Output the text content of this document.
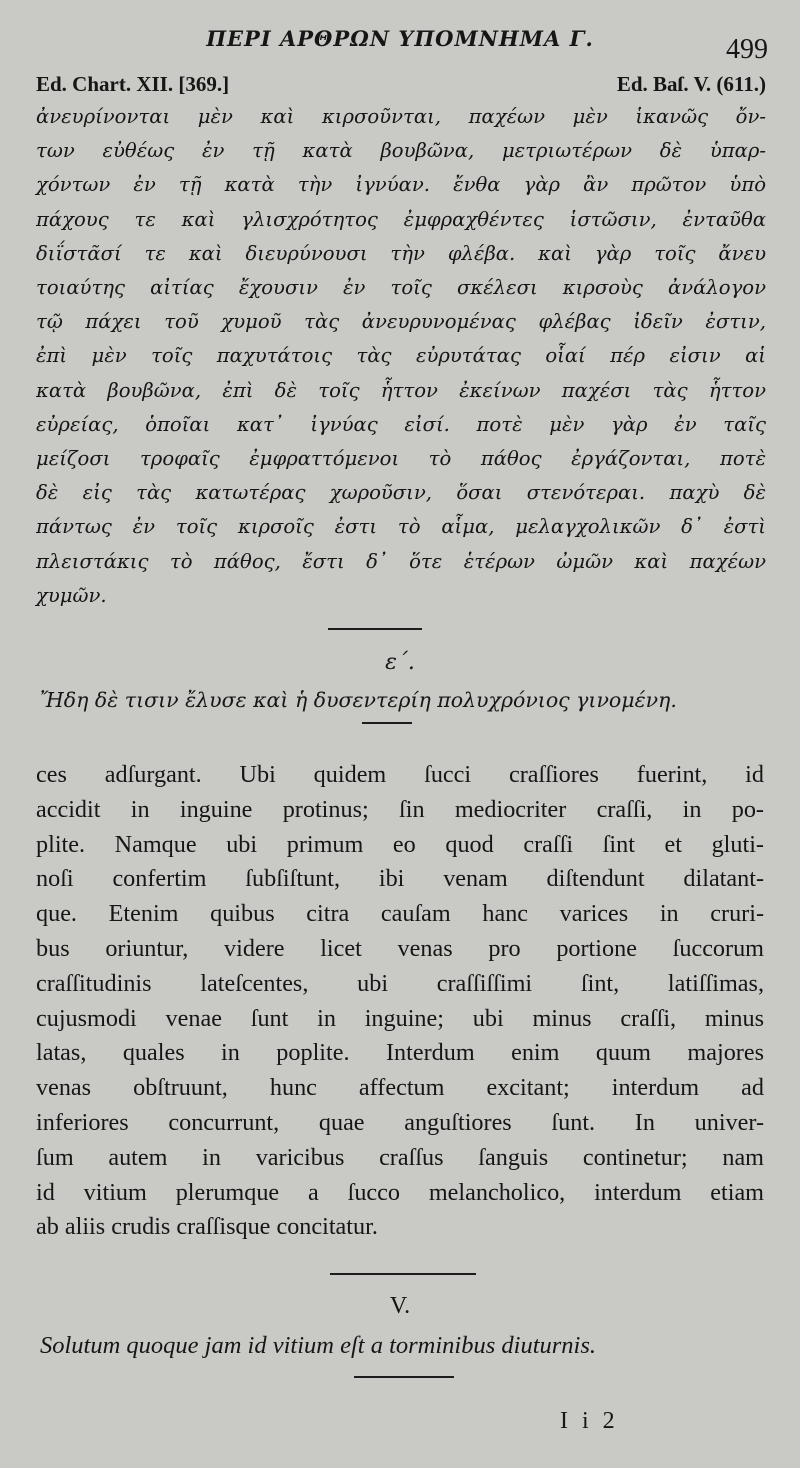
ΠΕΡΙ ΑΡΘΡΩΝ ΥΠΟΜΝΗΜΑ Γ.	499
Ed. Chart. XII. [369.]	Ed. Baſ. V. (611.)
ἀνευρίνονται μὲν καὶ κιρσοῦνται, παχέων μὲν ἱκανῶς ὄν-
των εὐθέως ἐν τῇ κατὰ βουβῶνα, μετριωτέρων δὲ ὑπαρ-
χόντων ἐν τῇ κατὰ τὴν ἰγνύαν. ἔνθα γὰρ ἂν πρῶτον ὑπὸ
πάχους τε καὶ γλισχρότητος ἐμφραχθέντες ἱστῶσιν, ἐνταῦθα
διΐστᾶσί τε καὶ διευρύνουσι τὴν φλέβα. καὶ γὰρ τοῖς ἄνευ
τοιαύτης αἰτίας ἔχουσιν ἐν τοῖς σκέλεσι κιρσοὺς ἀνάλογον
τῷ πάχει τοῦ χυμοῦ τὰς ἀνευρυνομένας φλέβας ἰδεῖν ἐστιν,
ἐπὶ μὲν τοῖς παχυτάτοις τὰς εὐρυτάτας οἷαί πέρ εἰσιν αἱ
κατὰ βουβῶνα, ἐπὶ δὲ τοῖς ἧττον ἐκείνων παχέσι τὰς ἧττον
εὐρείας, ὁποῖαι κατ᾽ ἰγνύας εἰσί. ποτὲ μὲν γὰρ ἐν ταῖς
μείζοσι τροφαῖς ἐμφραττόμενοι τὸ πάθος ἐργάζονται, ποτὲ
δὲ εἰς τὰς κατωτέρας χωροῦσιν, ὅσαι στενότεραι. παχὺ δὲ
πάντως ἐν τοῖς κιρσοῖς ἐστι τὸ αἷμα, μελαγχολικῶν δ᾽ ἐστὶ
πλειστάκις τὸ πάθος, ἔστι δ᾽ ὅτε ἑτέρων ὠμῶν καὶ παχέων
χυμῶν.
ε΄.
Ἤδη δὲ τισιν ἔλυσε καὶ ἡ δυσεντερίη πολυχρόνιος γινομένη.
ces adſurgant. Ubi quidem ſucci craſſiores fuerint, id
accidit in inguine protinus; ſin mediocriter craſſi, in po-
plite. Namque ubi primum eo quod craſſi ſint et gluti-
noſi confertim ſubſiſtunt, ibi venam diſtendunt dilatant-
que. Etenim quibus citra cauſam hanc varices in cruri-
bus oriuntur, videre licet venas pro portione ſuccorum
craſſitudinis lateſcentes, ubi craſſiſſimi ſint, latiſſimas,
cujusmodi venae ſunt in inguine; ubi minus craſſi, minus
latas, quales in poplite. Interdum enim quum majores
venas obſtruunt, hunc affectum excitant; interdum ad
inferiores concurrunt, quae anguſtiores ſunt. In univer-
ſum autem in varicibus craſſus ſanguis continetur; nam
id vitium plerumque a ſucco melancholico, interdum etiam
ab aliis crudis craſſisque concitatur.
V.
Solutum quoque jam id vitium eſt a torminibus diuturnis.
I i 2
